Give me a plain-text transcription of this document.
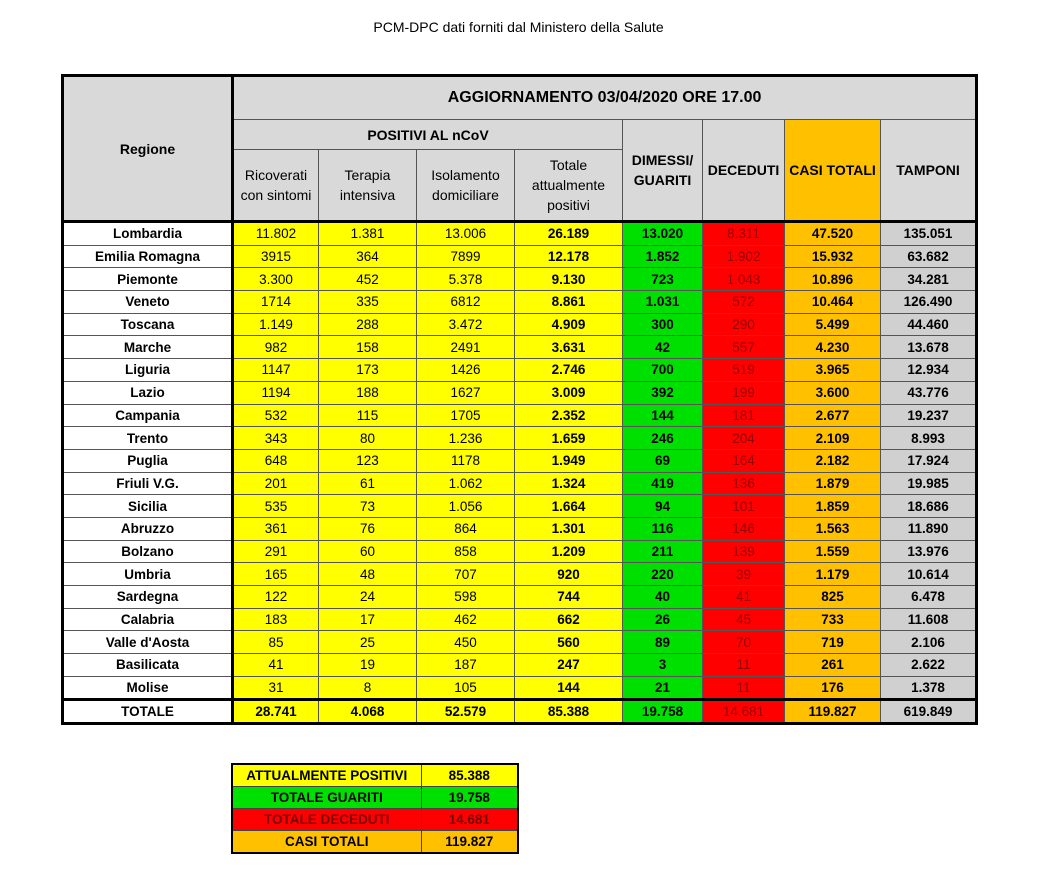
PCM-DPC dati forniti dal Ministero della Salute
Regione	AGGIORNAMENTO 03/04/2020 ORE 17.00							
	POSITIVI AL nCoV				DIMESSI/ GUARITI	DECEDUTI	CASI TOTALI	TAMPONI
	Ricoverati con sintomi	Terapia intensiva	Isolamento domiciliare	Totale attualmente positivi				
Lombardia	11.802	1.381	13.006	26.189	13.020	8.311	47.520	135.051
Emilia Romagna	3915	364	7899	12.178	1.852	1.902	15.932	63.682
Piemonte	3.300	452	5.378	9.130	723	1.043	10.896	34.281
Veneto	1714	335	6812	8.861	1.031	572	10.464	126.490
Toscana	1.149	288	3.472	4.909	300	290	5.499	44.460
Marche	982	158	2491	3.631	42	557	4.230	13.678
Liguria	1147	173	1426	2.746	700	519	3.965	12.934
Lazio	1194	188	1627	3.009	392	199	3.600	43.776
Campania	532	115	1705	2.352	144	181	2.677	19.237
Trento	343	80	1.236	1.659	246	204	2.109	8.993
Puglia	648	123	1178	1.949	69	164	2.182	17.924
Friuli V.G.	201	61	1.062	1.324	419	136	1.879	19.985
Sicilia	535	73	1.056	1.664	94	101	1.859	18.686
Abruzzo	361	76	864	1.301	116	146	1.563	11.890
Bolzano	291	60	858	1.209	211	139	1.559	13.976
Umbria	165	48	707	920	220	39	1.179	10.614
Sardegna	122	24	598	744	40	41	825	6.478
Calabria	183	17	462	662	26	45	733	11.608
Valle d'Aosta	85	25	450	560	89	70	719	2.106
Basilicata	41	19	187	247	3	11	261	2.622
Molise	31	8	105	144	21	11	176	1.378
TOTALE	28.741	4.068	52.579	85.388	19.758	14.681	119.827	619.849
ATTUALMENTE POSITIVI	85.388
TOTALE GUARITI	19.758
TOTALE DECEDUTI	14.681
CASI TOTALI	119.827
